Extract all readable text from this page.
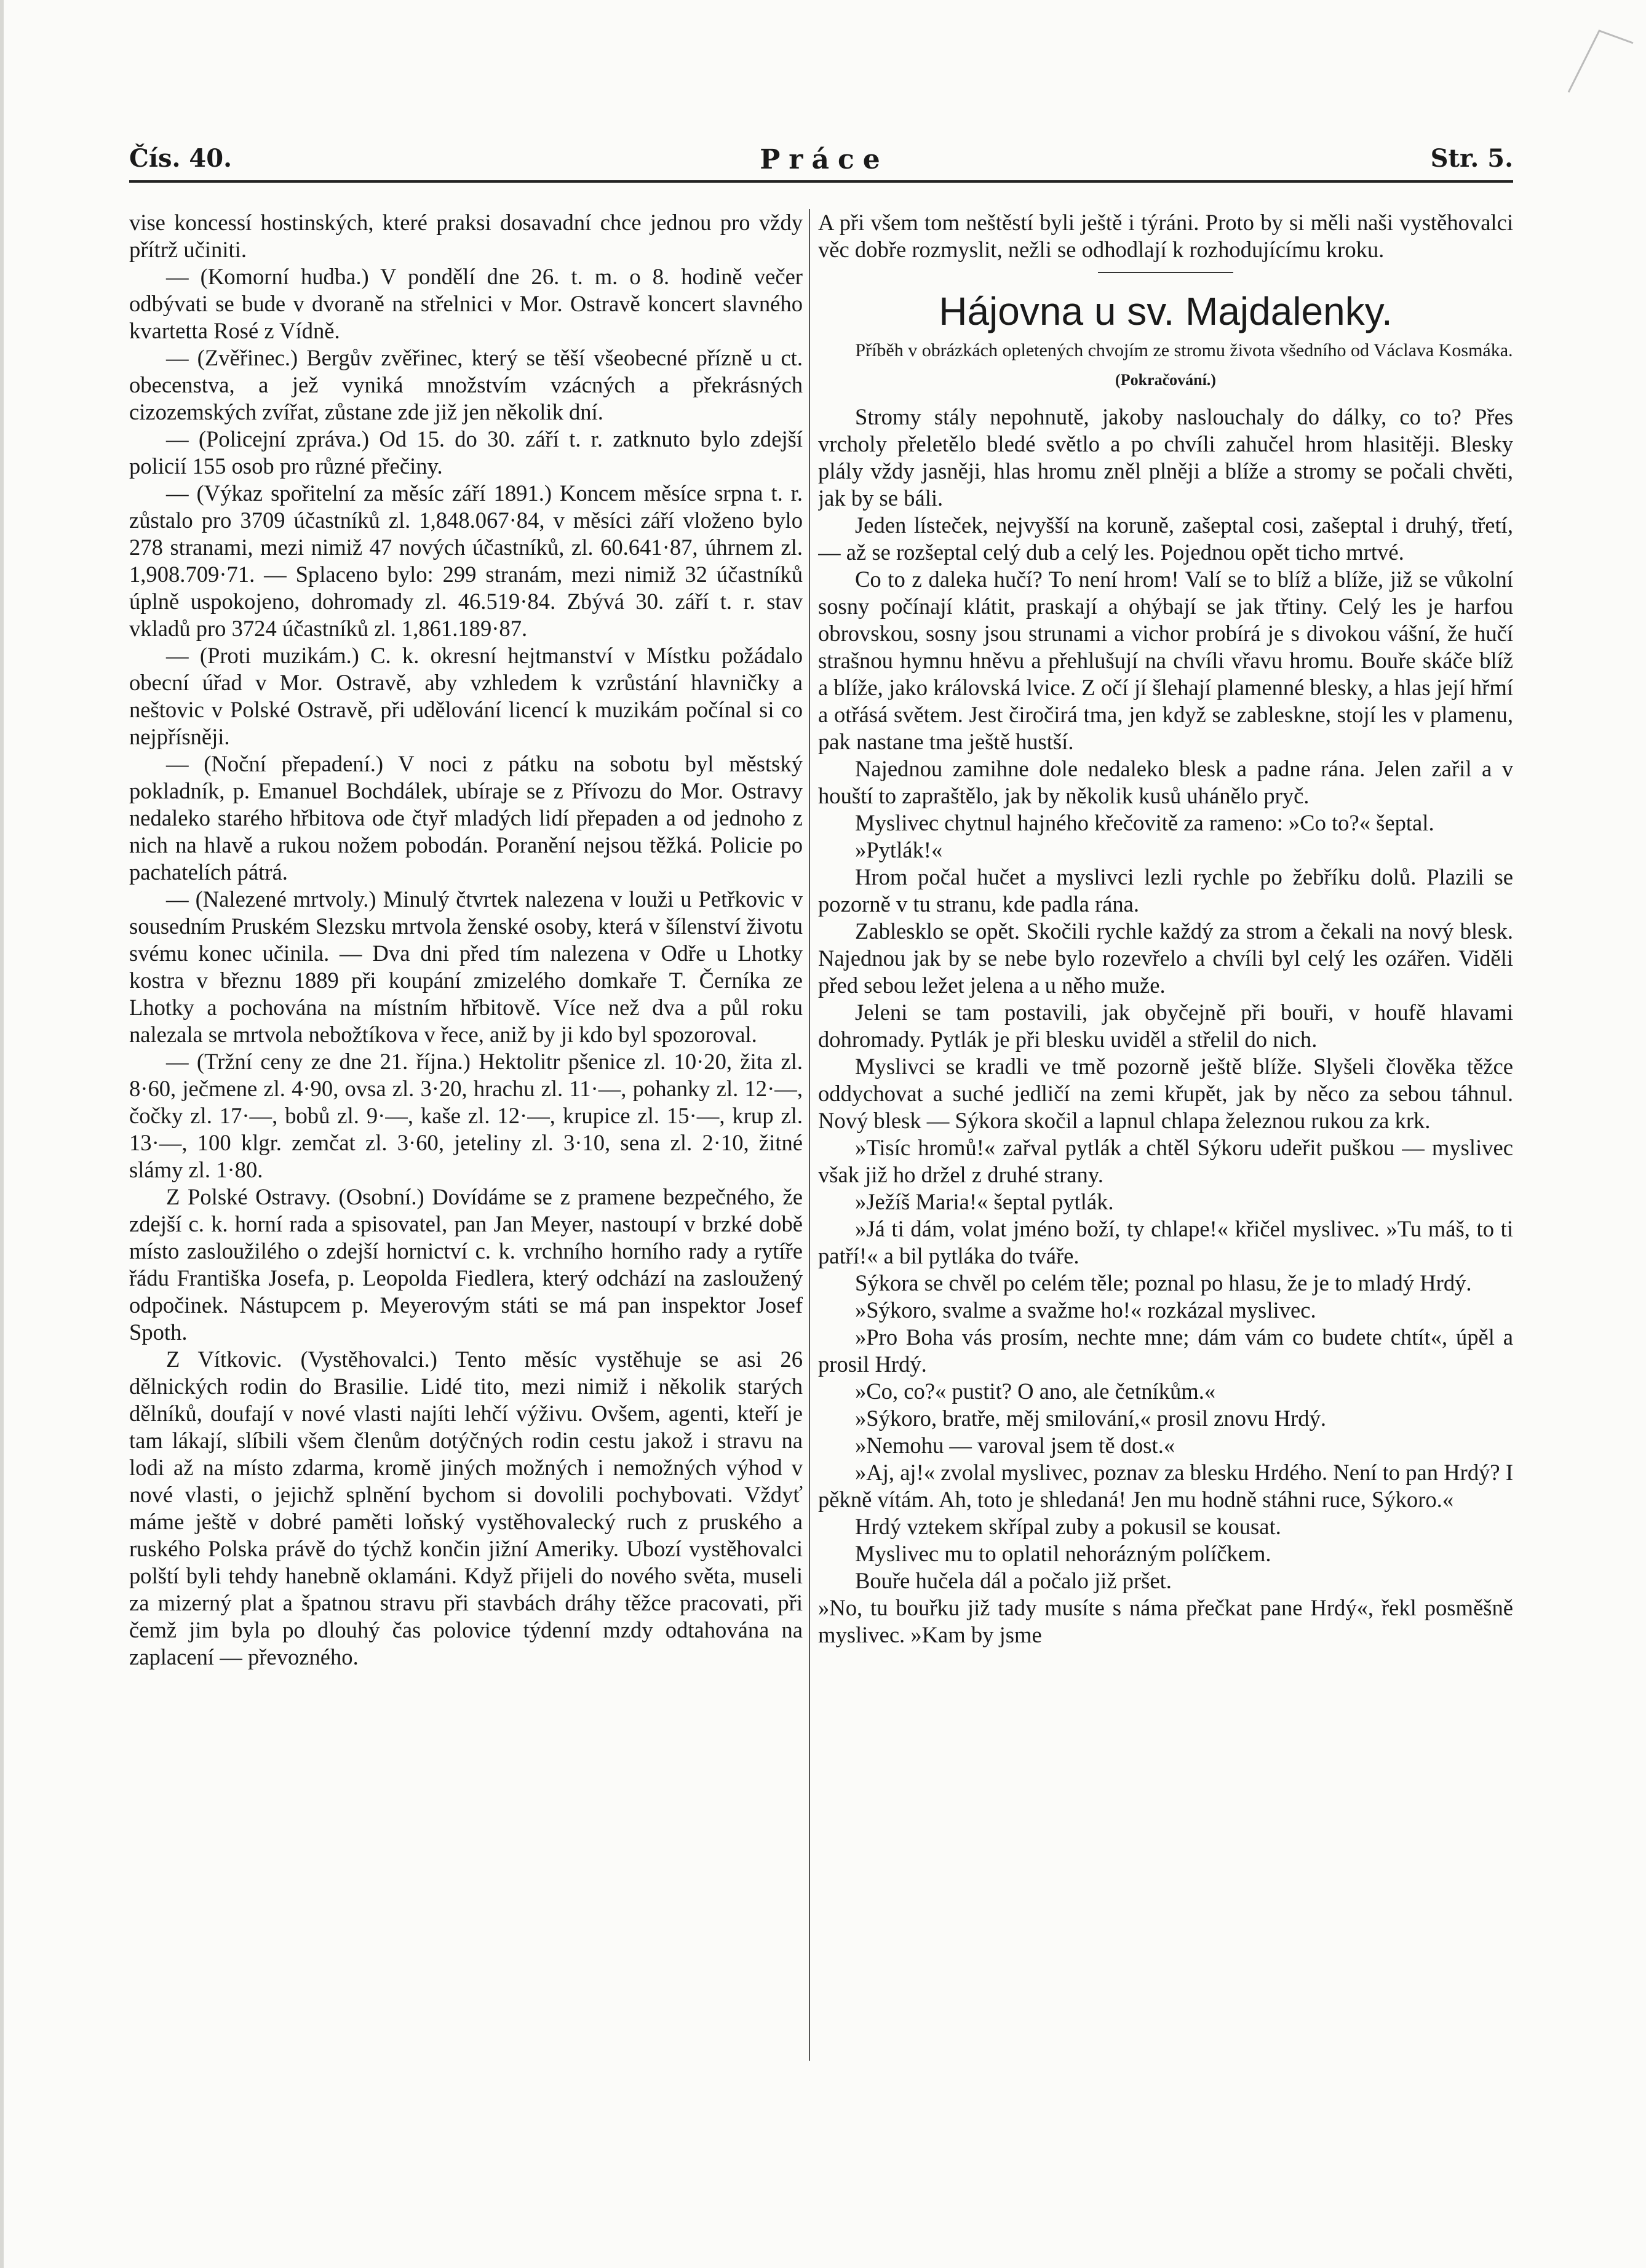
Čís. 40.	Práce	Str. 5.

vise koncessí hostinských, které praksi dosavadní chce jednou pro vždy přítrž učiniti.

— (Komorní hudba.) V pondělí dne 26. t. m. o 8. hodině večer odbývati se bude v dvoraně na střelnici v Mor. Ostravě koncert slavného kvartetta Rosé z Vídně.

— (Zvěřinec.) Bergův zvěřinec, který se těší všeobecné přízně u ct. obecenstva, a jež vyniká množstvím vzácných a překrásných cizozemských zvířat, zůstane zde již jen několik dní.

— (Policejní zpráva.) Od 15. do 30. září t. r. zatknuto bylo zdejší policií 155 osob pro různé přečiny.

— (Výkaz spořitelní za měsíc září 1891.) Koncem měsíce srpna t. r. zůstalo pro 3709 účastníků zl. 1,848.067·84, v měsíci září vloženo bylo 278 stranami, mezi nimiž 47 nových účastníků, zl. 60.641·87, úhrnem zl. 1,908.709·71. — Splaceno bylo: 299 stranám, mezi nimiž 32 účastníků úplně uspokojeno, dohromady zl. 46.519·84. Zbývá 30. září t. r. stav vkladů pro 3724 účastníků zl. 1,861.189·87.

— (Proti muzikám.) C. k. okresní hejtmanství v Místku požádalo obecní úřad v Mor. Ostravě, aby vzhledem k vzrůstání hlavničky a neštovic v Polské Ostravě, při udělování licencí k muzikám počínal si co nejpřísněji.

— (Noční přepadení.) V noci z pátku na sobotu byl městský pokladník, p. Emanuel Bochdálek, ubíraje se z Přívozu do Mor. Ostravy nedaleko starého hřbitova ode čtyř mladých lidí přepaden a od jednoho z nich na hlavě a rukou nožem pobodán. Poranění nejsou těžká. Policie po pachatelích pátrá.

— (Nalezené mrtvoly.) Minulý čtvrtek nalezena v louži u Petřkovic v sousedním Pruském Slezsku mrtvola ženské osoby, která v šílenství životu svému konec učinila. — Dva dni před tím nalezena v Odře u Lhotky kostra v březnu 1889 při koupání zmizelého domkaře T. Černíka ze Lhotky a pochována na místním hřbitově. Více než dva a půl roku nalezala se mrtvola nebožtíkova v řece, aniž by ji kdo byl spozoroval.

— (Tržní ceny ze dne 21. října.) Hektolitr pšenice zl. 10·20, žita zl. 8·60, ječmene zl. 4·90, ovsa zl. 3·20, hrachu zl. 11·—, pohanky zl. 12·—, čočky zl. 17·—, bobů zl. 9·—, kaše zl. 12·—, krupice zl. 15·—, krup zl. 13·—, 100 klgr. zemčat zl. 3·60, jeteliny zl. 3·10, sena zl. 2·10, žitné slámy zl. 1·80.

Z Polské Ostravy. (Osobní.) Dovídáme se z pramene bezpečného, že zdejší c. k. horní rada a spisovatel, pan Jan Meyer, nastoupí v brzké době místo zasloužilého o zdejší hornictví c. k. vrchního horního rady a rytíře řádu Františka Josefa, p. Leopolda Fiedlera, který odchází na zasloužený odpočinek. Nástupcem p. Meyerovým státi se má pan inspektor Josef Spoth.

Z Vítkovic. (Vystěhovalci.) Tento měsíc vystěhuje se asi 26 dělnických rodin do Brasilie. Lidé tito, mezi nimiž i několik starých dělníků, doufají v nové vlasti najíti lehčí výživu. Ovšem, agenti, kteří je tam lákají, slíbili všem členům dotýčných rodin cestu jakož i stravu na lodi až na místo zdarma, kromě jiných možných i nemožných výhod v nové vlasti, o jejichž splnění bychom si dovolili pochybovati. Vždyť máme ještě v dobré paměti loňský vystěhovalecký ruch z pruského a ruského Polska právě do týchž končin jižní Ameriky. Ubozí vystěhovalci polští byli tehdy hanebně oklamáni. Když přijeli do nového světa, museli za mizerný plat a špatnou stravu při stavbách dráhy těžce pracovati, při čemž jim byla po dlouhý čas polovice týdenní mzdy odtahována na zaplacení — převozného.

A při všem tom neštěstí byli ještě i týráni. Proto by si měli naši vystěhovalci věc dobře rozmyslit, nežli se odhodlají k rozhodujícímu kroku.

Hájovna u sv. Majdalenky.

Příběh v obrázkách opletených chvojím ze stromu života všedního od Václava Kosmáka.

(Pokračování.)

Stromy stály nepohnutě, jakoby naslouchaly do dálky, co to? Přes vrcholy přeletělo bledé světlo a po chvíli zahučel hrom hlasitěji. Blesky plály vždy jasněji, hlas hromu zněl plněji a blíže a stromy se počali chvěti, jak by se báli.

Jeden lísteček, nejvyšší na koruně, zašeptal cosi, zašeptal i druhý, třetí, — až se rozšeptal celý dub a celý les. Pojednou opět ticho mrtvé.

Co to z daleka hučí? To není hrom! Valí se to blíž a blíže, již se vůkolní sosny počínají klátit, praskají a ohýbají se jak třtiny. Celý les je harfou obrovskou, sosny jsou strunami a vichor probírá je s divokou vášní, že hučí strašnou hymnu hněvu a přehlušují na chvíli vřavu hromu. Bouře skáče blíž a blíže, jako královská lvice. Z očí jí šlehají plamenné blesky, a hlas její hřmí a otřásá světem. Jest čiročirá tma, jen když se zableskne, stojí les v plamenu, pak nastane tma ještě hustší.

Najednou zamihne dole nedaleko blesk a padne rána. Jelen zařil a v houští to zapraštělo, jak by několik kusů uhánělo pryč.

Myslivec chytnul hajného křečovitě za rameno: »Co to?« šeptal.

»Pytlák!«

Hrom počal hučet a myslivci lezli rychle po žebříku dolů. Plazili se pozorně v tu stranu, kde padla rána.

Zablesklo se opět. Skočili rychle každý za strom a čekali na nový blesk. Najednou jak by se nebe bylo rozevřelo a chvíli byl celý les ozářen. Viděli před sebou ležet jelena a u něho muže.

Jeleni se tam postavili, jak obyčejně při bouři, v houfě hlavami dohromady. Pytlák je při blesku uviděl a střelil do nich.

Myslivci se kradli ve tmě pozorně ještě blíže. Slyšeli člověka těžce oddychovat a suché jedličí na zemi křupět, jak by něco za sebou táhnul. Nový blesk — Sýkora skočil a lapnul chlapa železnou rukou za krk.

»Tisíc hromů!« zařval pytlák a chtěl Sýkoru udeřit puškou — myslivec však již ho držel z druhé strany.

»Ježíš Maria!« šeptal pytlák.

»Já ti dám, volat jméno boží, ty chlape!« křičel myslivec. »Tu máš, to ti patří!« a bil pytláka do tváře.

Sýkora se chvěl po celém těle; poznal po hlasu, že je to mladý Hrdý.

»Sýkoro, svalme a svažme ho!« rozkázal myslivec.

»Pro Boha vás prosím, nechte mne; dám vám co budete chtít«, úpěl a prosil Hrdý.

»Co, co?« pustit? O ano, ale četníkům.«

»Sýkoro, bratře, měj smilování,« prosil znovu Hrdý.

»Nemohu — varoval jsem tě dost.«

»Aj, aj!« zvolal myslivec, poznav za blesku Hrdého. Není to pan Hrdý? I pěkně vítám. Ah, toto je shledaná! Jen mu hodně stáhni ruce, Sýkoro.«

Hrdý vztekem skřípal zuby a pokusil se kousat.

Myslivec mu to oplatil nehorázným políčkem.

Bouře hučela dál a počalo již pršet.

»No, tu bouřku již tady musíte s náma přečkat pane Hrdý«, řekl posměšně myslivec. »Kam by jsme
